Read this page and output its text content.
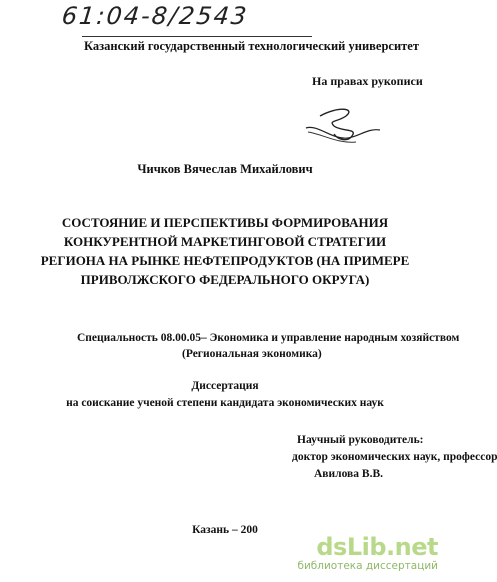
61:04-8/2543
Казанский государственный технологический университет
На правах рукописи
Чичков Вячеслав Михайлович
СОСТОЯНИЕ И ПЕРСПЕКТИВЫ ФОРМИРОВАНИЯ
КОНКУРЕНТНОЙ МАРКЕТИНГОВОЙ СТРАТЕГИИ
РЕГИОНА НА РЫНКЕ НЕФТЕПРОДУКТОВ (НА ПРИМЕРЕ
ПРИВОЛЖСКОГО ФЕДЕРАЛЬНОГО ОКРУГА)
Специальность 08.00.05– Экономика и управление народным хозяйством
(Региональная экономика)
Диссертация
на соискание ученой степени кандидата экономических наук
Научный руководитель:
доктор экономических наук, профессор
Авилова В.В.
Казань – 200
dsLib.net
библиотека диссертаций
